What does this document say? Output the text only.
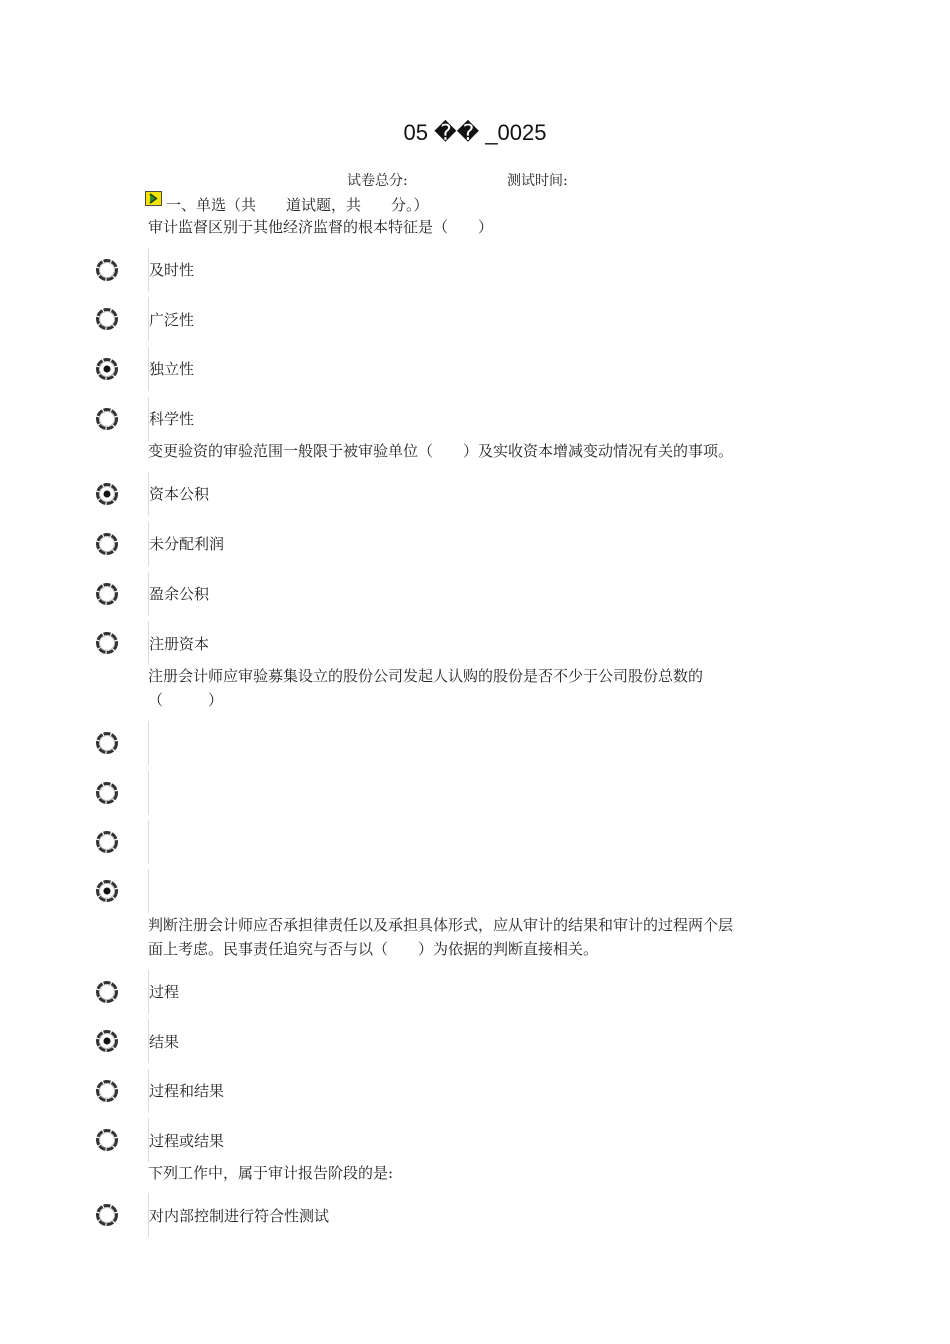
05 �� _0025
试卷总分:	测试时间:
一、单选（共　　道试题，共　　分。）
审计监督区别于其他经济监督的根本特征是（　　）
及时性
广泛性
独立性
科学性
变更验资的审验范围一般限于被审验单位（　　）及实收资本增减变动情况有关的事项。
资本公积
未分配利润
盈余公积
注册资本
注册会计师应审验募集设立的股份公司发起人认购的股份是否不少于公司股份总数的
（　　　）
判断注册会计师应否承担律责任以及承担具体形式，应从审计的结果和审计的过程两个层
面上考虑。民事责任追究与否与以（　　）为依据的判断直接相关。
过程
结果
过程和结果
过程或结果
下列工作中，属于审计报告阶段的是:
对内部控制进行符合性测试
